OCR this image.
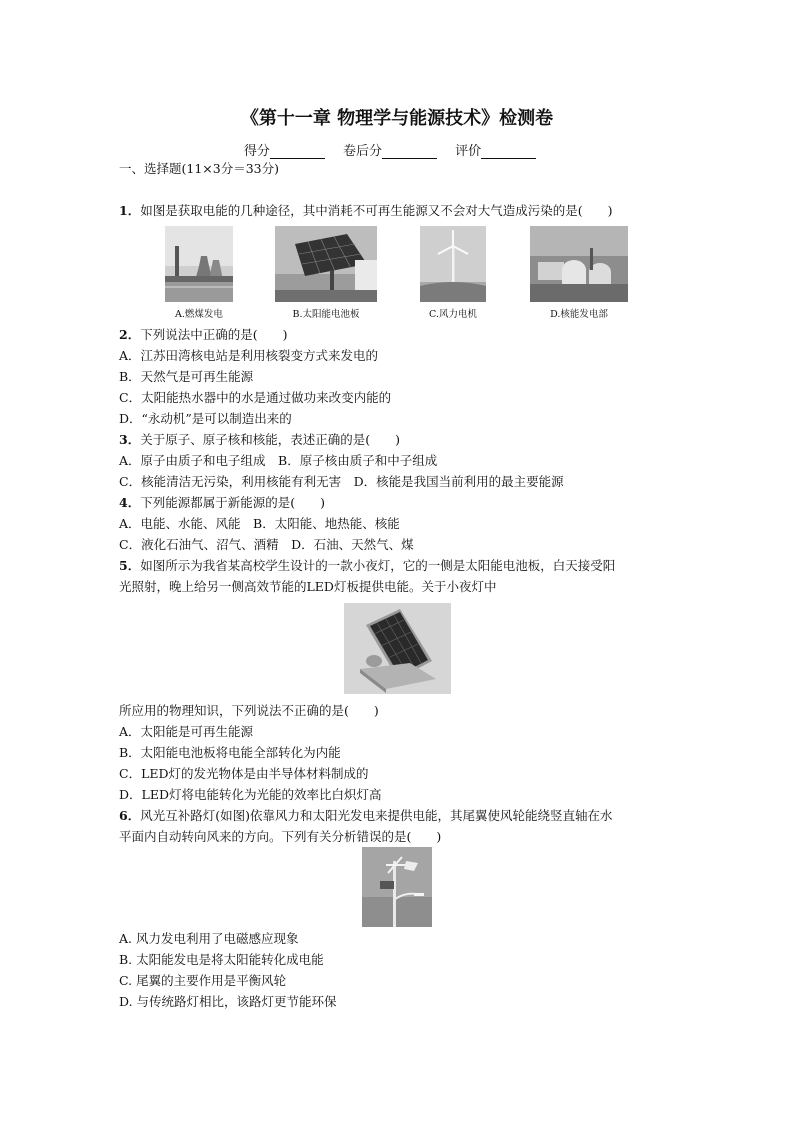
《第十一章 物理学与能源技术》检测卷
得分	卷后分	评价
一、选择题(11×3分＝33分)
1．如图是获取电能的几种途径，其中消耗不可再生能源又不会对大气造成污染的是(　　)
A.燃煤发电	B.太阳能电池板	C.风力电机	D.核能发电部
2．下列说法中正确的是(　　)
A．江苏田湾核电站是利用核裂变方式来发电的
B．天然气是可再生能源
C．太阳能热水器中的水是通过做功来改变内能的
D．“永动机”是可以制造出来的
3．关于原子、原子核和核能，表述正确的是(　　)
A．原子由质子和电子组成　B．原子核由质子和中子组成
C．核能清洁无污染，利用核能有利无害　D．核能是我国当前利用的最主要能源
4．下列能源都属于新能源的是(　　)
A．电能、水能、风能　B．太阳能、地热能、核能
C．液化石油气、沼气、酒精　D．石油、天然气、煤
5．如图所示为我省某高校学生设计的一款小夜灯，它的一侧是太阳能电池板，白天接受阳
光照射，晚上给另一侧高效节能的LED灯板提供电能。关于小夜灯中
所应用的物理知识，下列说法不正确的是(　　)
A．太阳能是可再生能源
B．太阳能电池板将电能全部转化为内能
C．LED灯的发光物体是由半导体材料制成的
D．LED灯将电能转化为光能的效率比白炽灯高
6．风光互补路灯(如图)依靠风力和太阳光发电来提供电能，其尾翼使风轮能绕竖直轴在水
平面内自动转向风来的方向。下列有关分析错误的是(　　)
A. 风力发电利用了电磁感应现象
B. 太阳能发电是将太阳能转化成电能
C. 尾翼的主要作用是平衡风轮
D. 与传统路灯相比，该路灯更节能环保
